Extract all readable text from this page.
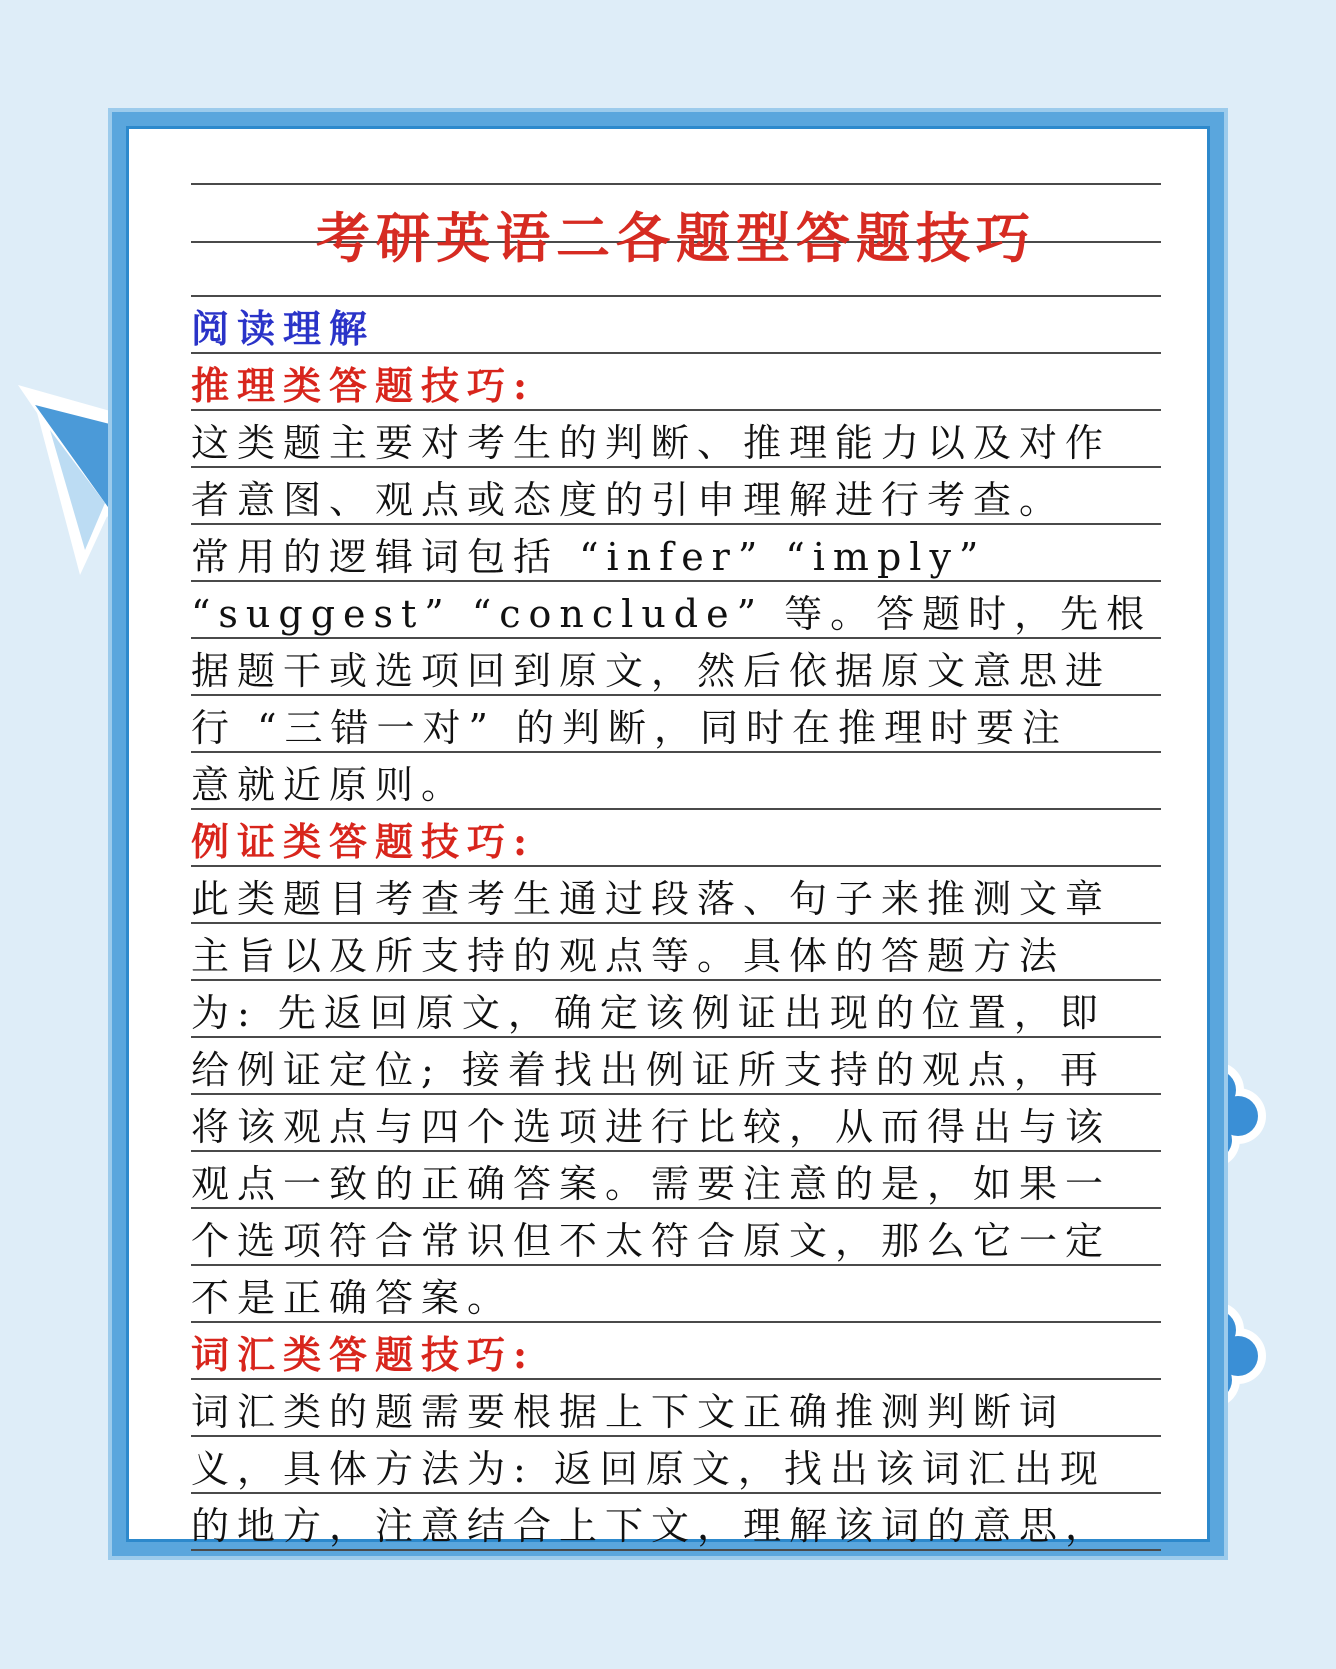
考研英语二各题型答题技巧
阅读理解
推理类答题技巧:
这类题主要对考生的判断、推理能力以及对作
者意图、观点或态度的引申理解进行考查。
常用的逻辑词包括 “infer” “imply”
“suggest” “conclude” 等。答题时，先根
据题干或选项回到原文，然后依据原文意思进
行 “三错一对” 的判断，同时在推理时要注
意就近原则。
例证类答题技巧:
此类题目考查考生通过段落、句子来推测文章
主旨以及所支持的观点等。具体的答题方法
为: 先返回原文，确定该例证出现的位置，即
给例证定位; 接着找出例证所支持的观点，再
将该观点与四个选项进行比较，从而得出与该
观点一致的正确答案。需要注意的是，如果一
个选项符合常识但不太符合原文，那么它一定
不是正确答案。
词汇类答题技巧:
词汇类的题需要根据上下文正确推测判断词
义，具体方法为: 返回原文，找出该词汇出现
的地方，注意结合上下文，理解该词的意思，
